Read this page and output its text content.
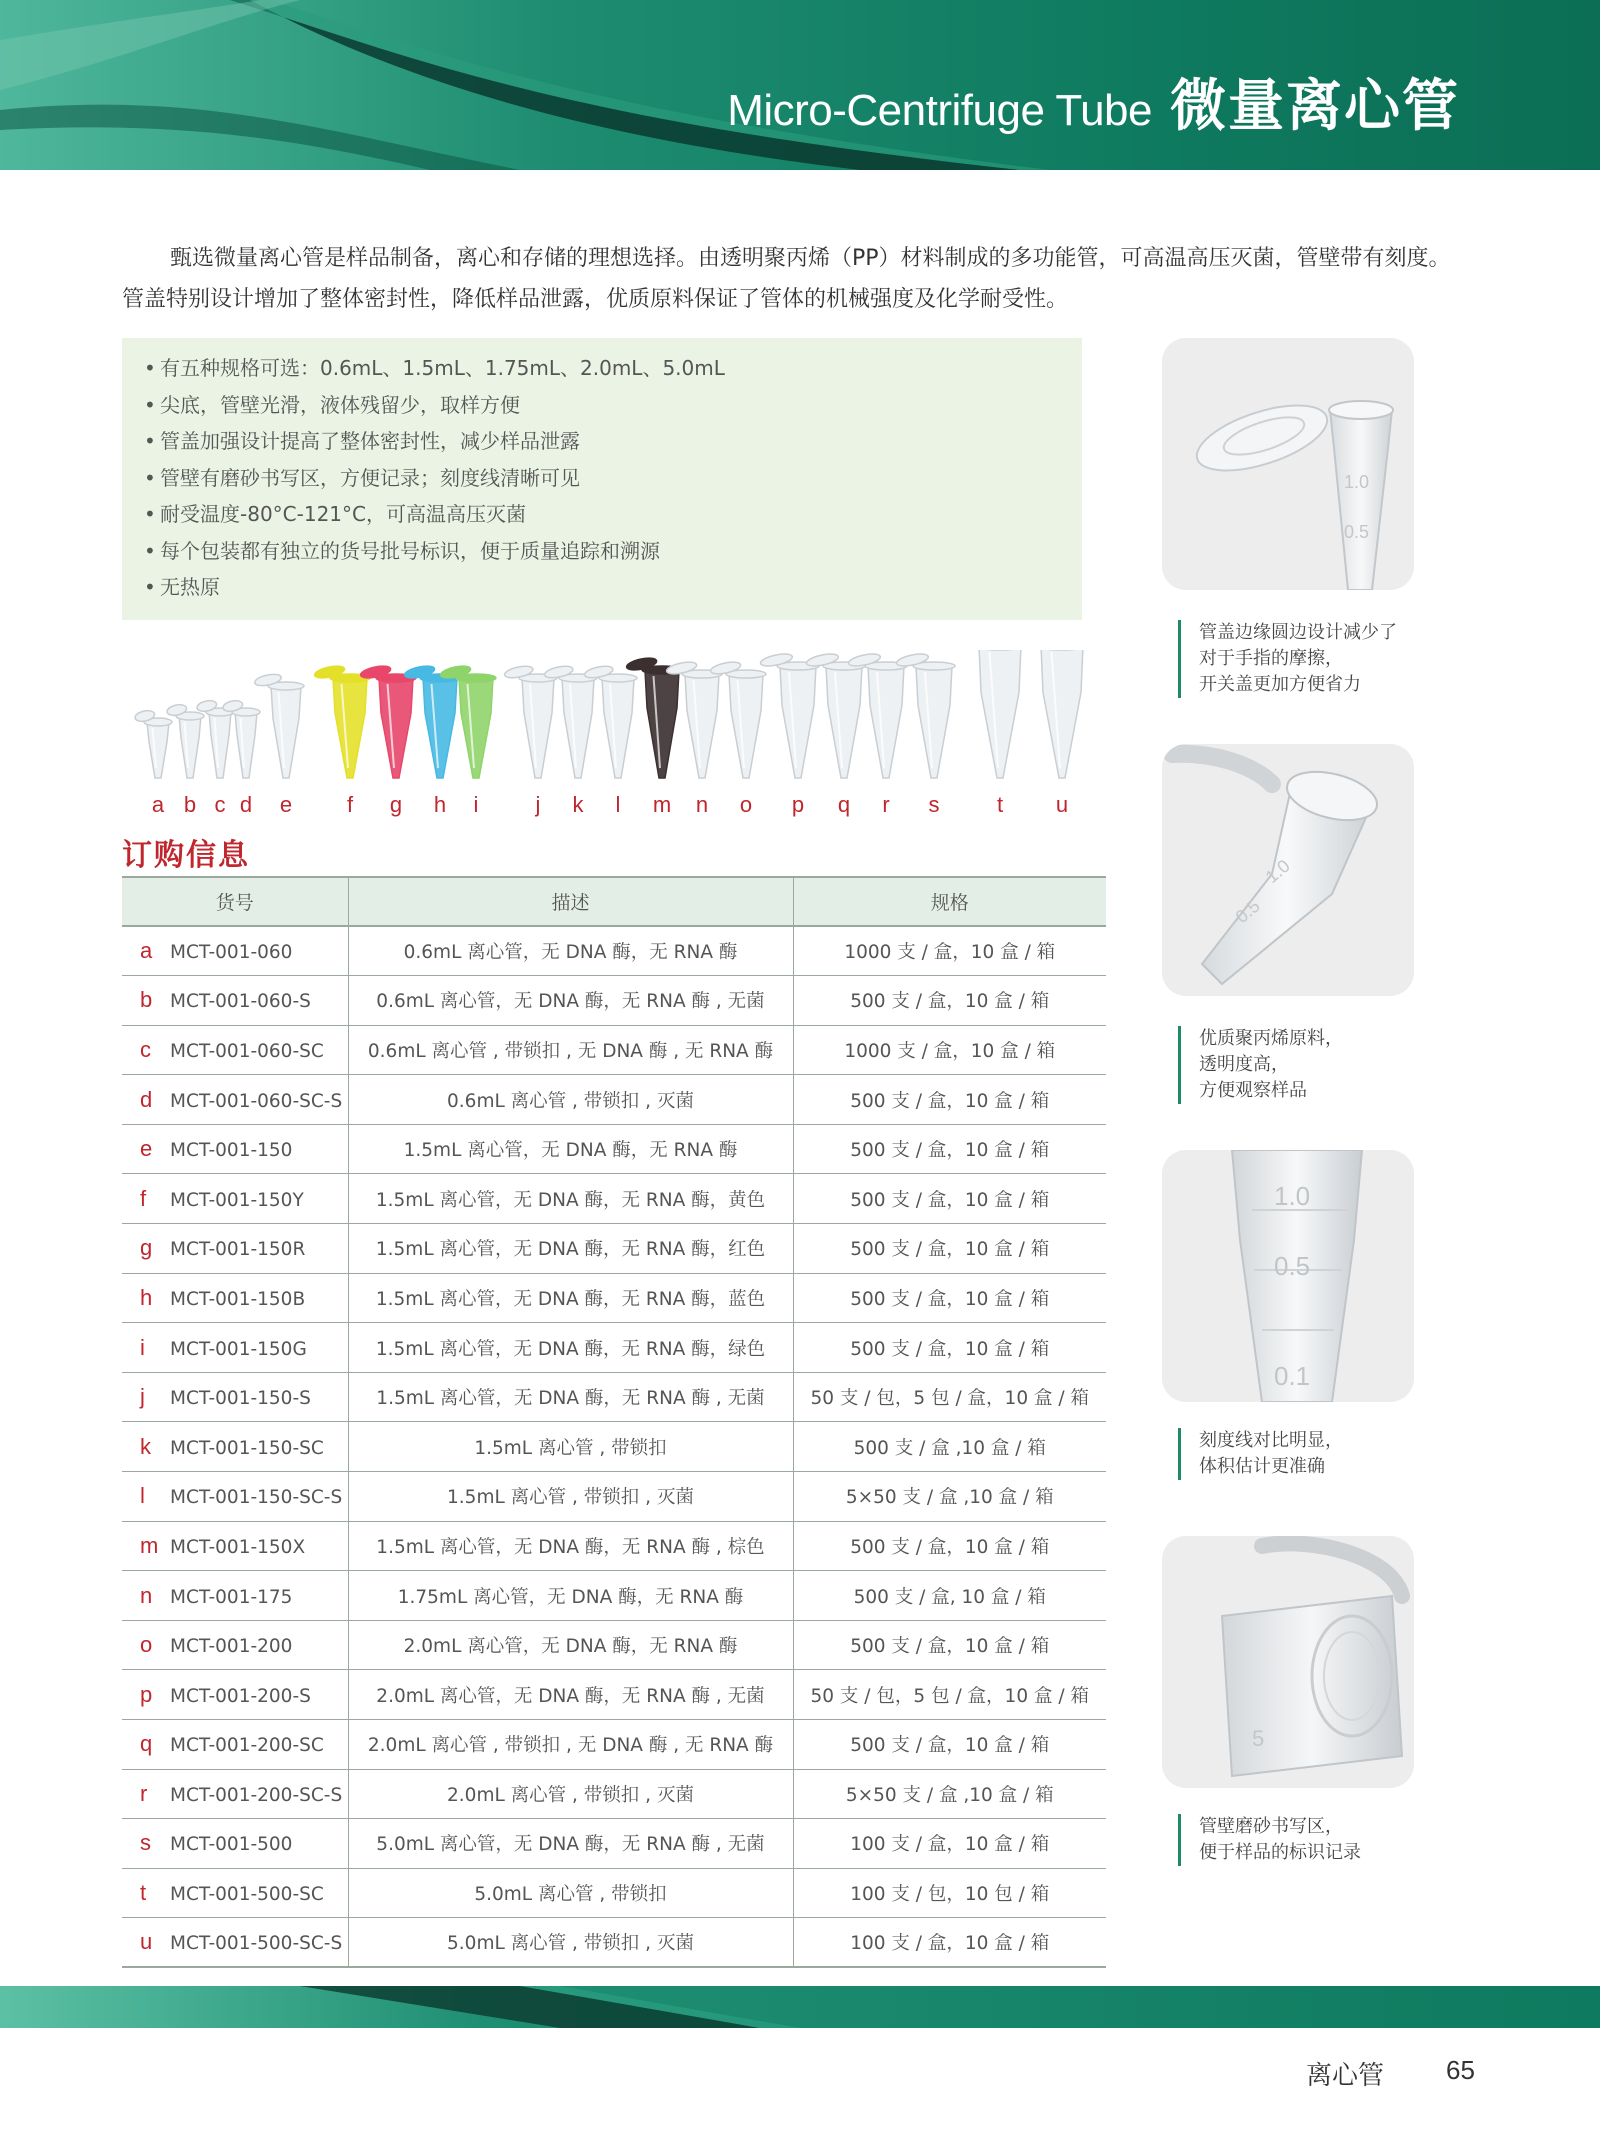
Micro-Centrifuge Tube 微量离心管

甄选微量离心管是样品制备，离心和存储的理想选择。由透明聚丙烯（PP）材料制成的多功能管，可高温高压灭菌，管壁带有刻度。

管盖特别设计增加了整体密封性，降低样品泄露，优质原料保证了管体的机械强度及化学耐受性。

• 有五种规格可选：0.6mL、1.5mL、1.75mL、2.0mL、5.0mL
• 尖底，管壁光滑，液体残留少，取样方便
• 管盖加强设计提高了整体密封性，减少样品泄露
• 管壁有磨砂书写区，方便记录；刻度线清晰可见
• 耐受温度-80°C-121°C，可高温高压灭菌
• 每个包装都有独立的货号批号标识，便于质量追踪和溯源
• 无热原
a b c d e f g h i	j k l m n o p q r s	t u
订购信息
货号	描述	规格
a MCT-001-060	0.6mL 离心管，无 DNA 酶，无 RNA 酶	1000 支 / 盒，10 盒 / 箱
b MCT-001-060-S	0.6mL 离心管，无 DNA 酶，无 RNA 酶 , 无菌	500 支 / 盒，10 盒 / 箱
c MCT-001-060-SC	0.6mL 离心管 , 带锁扣 , 无 DNA 酶 , 无 RNA 酶	1000 支 / 盒，10 盒 / 箱
d MCT-001-060-SC-S	0.6mL 离心管 , 带锁扣 , 灭菌	500 支 / 盒，10 盒 / 箱
e MCT-001-150	1.5mL 离心管，无 DNA 酶，无 RNA 酶	500 支 / 盒，10 盒 / 箱
f MCT-001-150Y	1.5mL 离心管，无 DNA 酶，无 RNA 酶，黄色	500 支 / 盒，10 盒 / 箱
g MCT-001-150R	1.5mL 离心管，无 DNA 酶，无 RNA 酶，红色	500 支 / 盒，10 盒 / 箱
h MCT-001-150B	1.5mL 离心管，无 DNA 酶，无 RNA 酶，蓝色	500 支 / 盒，10 盒 / 箱
i MCT-001-150G	1.5mL 离心管，无 DNA 酶，无 RNA 酶，绿色	500 支 / 盒，10 盒 / 箱
j MCT-001-150-S	1.5mL 离心管，无 DNA 酶，无 RNA 酶 , 无菌	50 支 / 包，5 包 / 盒，10 盒 / 箱
k MCT-001-150-SC	1.5mL 离心管 , 带锁扣	500 支 / 盒 ,10 盒 / 箱
l MCT-001-150-SC-S	1.5mL 离心管 , 带锁扣 , 灭菌	5×50 支 / 盒 ,10 盒 / 箱
m MCT-001-150X	1.5mL 离心管，无 DNA 酶，无 RNA 酶 , 棕色	500 支 / 盒，10 盒 / 箱
n MCT-001-175	1.75mL 离心管，无 DNA 酶，无 RNA 酶	500 支 / 盒, 10 盒 / 箱
o MCT-001-200	2.0mL 离心管，无 DNA 酶，无 RNA 酶	500 支 / 盒，10 盒 / 箱
p MCT-001-200-S	2.0mL 离心管，无 DNA 酶，无 RNA 酶 , 无菌	50 支 / 包，5 包 / 盒，10 盒 / 箱
q MCT-001-200-SC	2.0mL 离心管 , 带锁扣 , 无 DNA 酶 , 无 RNA 酶	500 支 / 盒，10 盒 / 箱
r MCT-001-200-SC-S	2.0mL 离心管 , 带锁扣 , 灭菌	5×50 支 / 盒 ,10 盒 / 箱
s MCT-001-500	5.0mL 离心管，无 DNA 酶，无 RNA 酶 , 无菌	100 支 / 盒，10 盒 / 箱
t MCT-001-500-SC	5.0mL 离心管 , 带锁扣	100 支 / 包，10 包 / 箱
u MCT-001-500-SC-S	5.0mL 离心管 , 带锁扣 , 灭菌	100 支 / 盒，10 盒 / 箱
1.0
0.5
管盖边缘圆边设计减少了
对于手指的摩擦，
开关盖更加方便省力
1.0
0.5
优质聚丙烯原料，
透明度高，
方便观察样品
1.0
0.5
0.1
刻度线对比明显，
体积估计更准确
5
管壁磨砂书写区，
便于样品的标识记录
离心管 65
